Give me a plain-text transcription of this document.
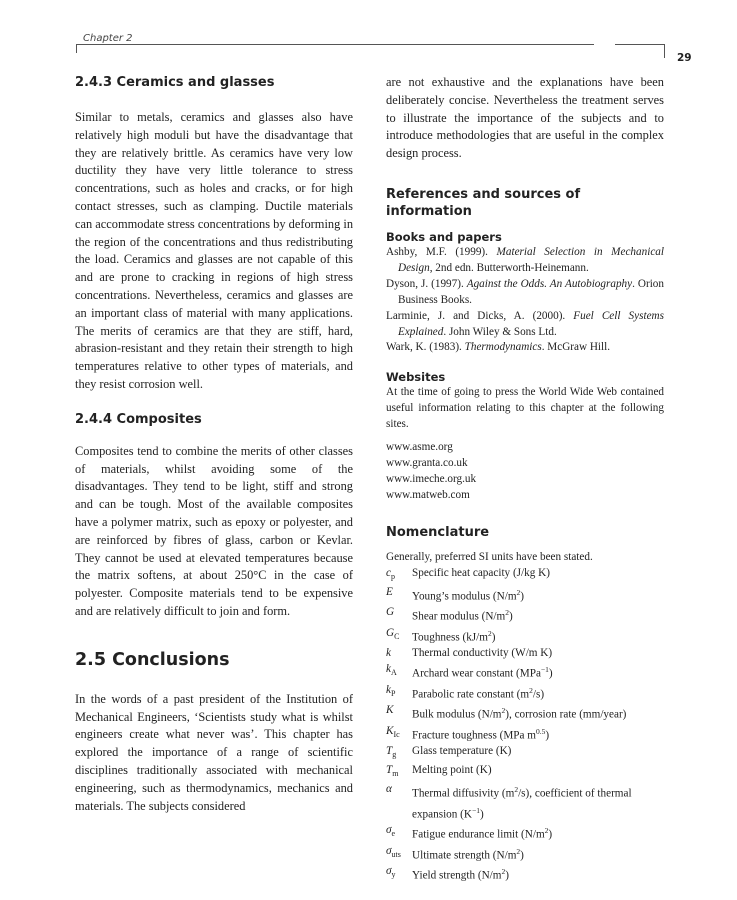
Chapter 2
29
2.4.3 Ceramics and glasses

Similar to metals, ceramics and glasses also have relatively high moduli but have the disadvantage that they are relatively brittle. As ceramics have very low ductility they have very little tolerance to stress concentrations, such as holes and cracks, or for high contact stresses, such as clamping. Ductile materials can accommodate stress concentrations by deforming in the region of the concentrations and thus redistributing the load. Ceramics and glasses are not capable of this and are prone to cracking in regions of high stress concentrations. Nevertheless, ceramics and glasses are an important class of material with many applications. The merits of ceramics are that they are stiff, hard, abrasion-resistant and they retain their strength to high temperatures relative to other types of materials, and they resist corrosion well.

2.4.4 Composites

Composites tend to combine the merits of other classes of materials, whilst avoiding some of the disadvantages. They tend to be light, stiff and strong and can be tough. Most of the available composites have a polymer matrix, such as epoxy or polyester, and are reinforced by fibres of glass, carbon or Kevlar. They cannot be used at elevated temperatures because the matrix softens, at about 250°C in the case of polyester. Composite materials tend to be expensive and are relatively difficult to join and form.

2.5 Conclusions

In the words of a past president of the Institution of Mechanical Engineers, ‘Scientists study what is whilst engineers create what never was’. This chapter has explored the importance of a range of scientific disciplines traditionally associated with mechanical engineering, such as thermodynamics, mechanics and materials. The subjects considered

are not exhaustive and the explanations have been deliberately concise. Nevertheless the treatment serves to illustrate the importance of the subjects and to introduce methodologies that are useful in the complex design process.

References and sources of information
Books and papers
Ashby, M.F. (1999). Material Selection in Mechanical Design, 2nd edn. Butterworth-Heinemann.
Dyson, J. (1997). Against the Odds. An Autobiography. Orion Business Books.
Larminie, J. and Dicks, A. (2000). Fuel Cell Systems Explained. John Wiley & Sons Ltd.
Wark, K. (1983). Thermodynamics. McGraw Hill.
Websites

At the time of going to press the World Wide Web contained useful information relating to this chapter at the following sites.

www.asme.org
www.granta.co.uk
www.imeche.org.uk
www.matweb.com
Nomenclature
Generally, preferred SI units have been stated.
$c_p$	Specific heat capacity (J/kg K)
E	Young’s modulus $(N/m^2)$
G	Shear modulus $(N/m^2)$
$G_C$	Toughness $(kJ/m^2)$
k	Thermal conductivity (W/m K)
$k_A$	Archard wear constant (MPa$^{-1}$)
$k_P$	Parabolic rate constant $(m^2/s)$
K	Bulk modulus $(N/m^2)$, corrosion rate (mm/year)
$K_{Ic}$	Fracture toughness (MPa $m^{0.5}$)
$T_g$	Glass temperature (K)
$T_m$	Melting point (K)
α	Thermal diffusivity $(m^2/s)$, coefficient of thermal expansion $(K^{-1})$
$\sigma_e$	Fatigue endurance limit $(N/m^2)$
$\sigma_{uts}$ Ultimate strength $(N/m^2)$
$\sigma_y$	Yield strength $(N/m^2)$
